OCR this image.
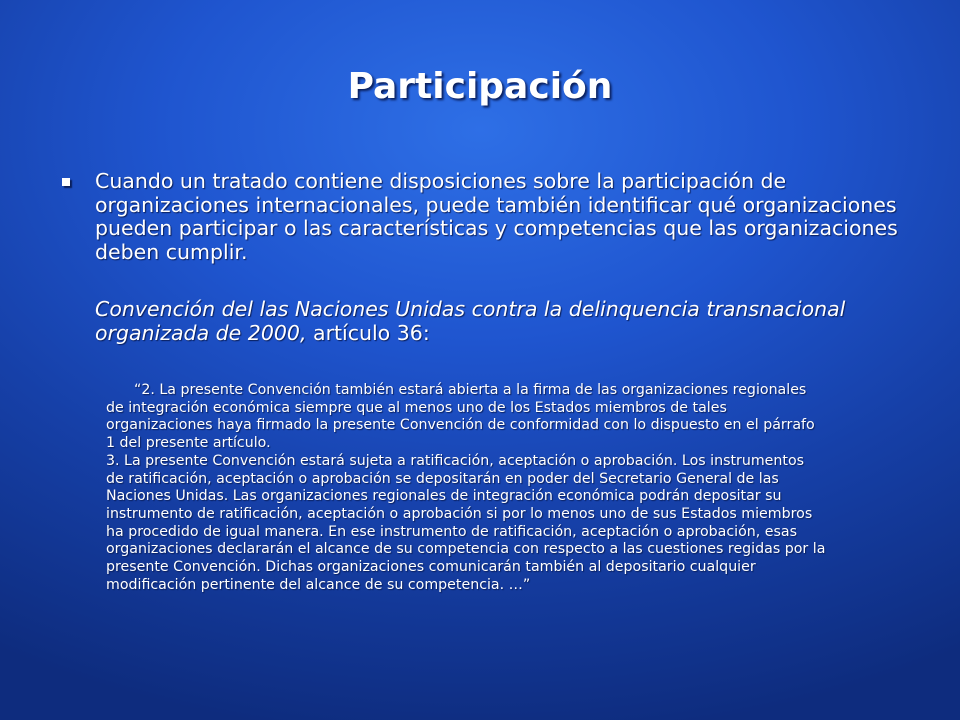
Participación
Cuando un tratado contiene disposiciones sobre la participación de organizaciones internacionales, puede también identificar qué organizaciones pueden participar o las características y competencias que las organizaciones deben cumplir.
Convención del las Naciones Unidas contra la delinquencia transnacional organizada de 2000, artículo 36:

“2. La presente Convención también estará abierta a la firma de las organizaciones regionales de integración económica siempre que al menos uno de los Estados miembros de tales organizaciones haya firmado la presente Convención de conformidad con lo dispuesto en el párrafo 1 del presente artículo.

3. La presente Convención estará sujeta a ratificación, aceptación o aprobación. Los instrumentos de ratificación, aceptación o aprobación se depositarán en poder del Secretario General de las Naciones Unidas. Las organizaciones regionales de integración económica podrán depositar su instrumento de ratificación, aceptación o aprobación si por lo menos uno de sus Estados miembros ha procedido de igual manera. En ese instrumento de ratificación, aceptación o aprobación, esas organizaciones declararán el alcance de su competencia con respecto a las cuestiones regidas por la presente Convención. Dichas organizaciones comunicarán también al depositario cualquier modificación pertinente del alcance de su competencia. …”
